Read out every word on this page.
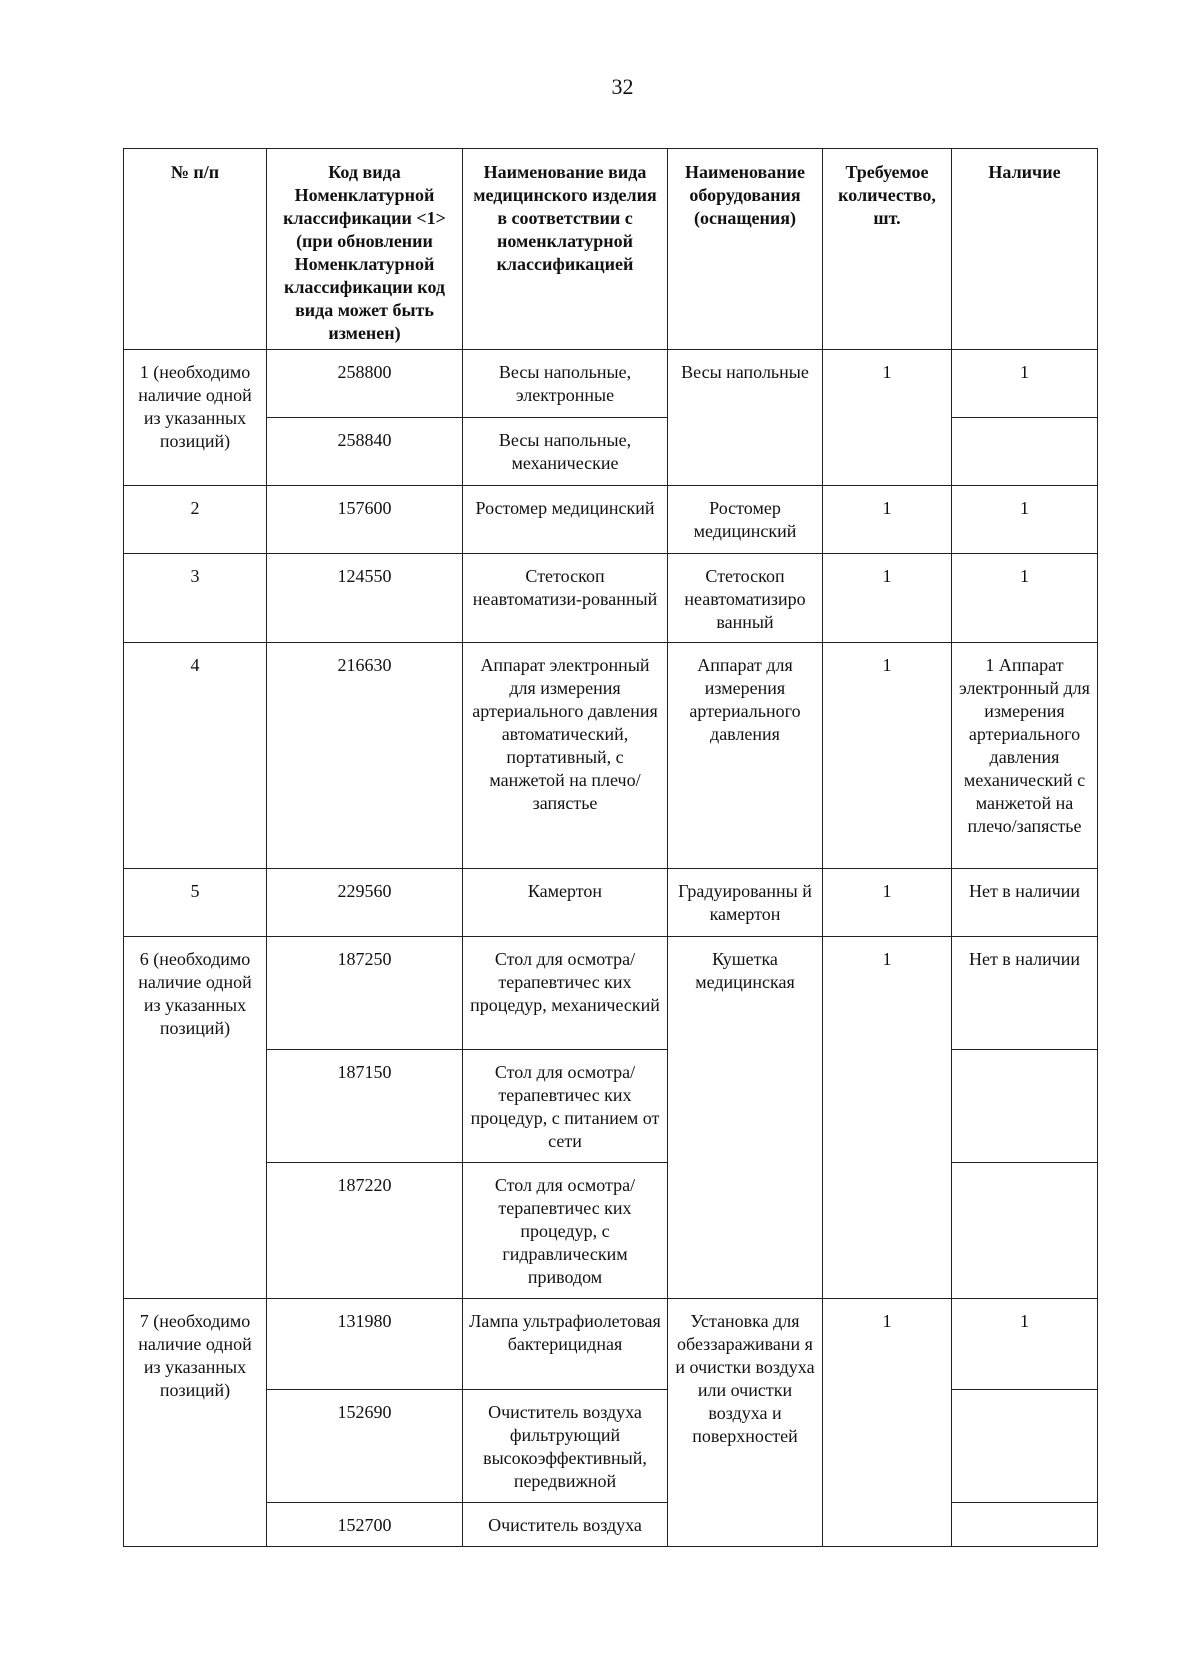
32
№ п/п	Код вида Номенклатурной классификации <1> (при обновлении Номенклатурной классификации код вида может быть изменен)	Наименование вида медицинского изделия в соответствии с номенклатурной классификацией	Наименование оборудования (оснащения)	Требуемое количество, шт.	Наличие
1 (необходимо наличие одной из указанных позиций)	258800	Весы напольные, электронные	Весы напольные	1	1
	258840	Весы напольные, механические			
2	157600	Ростомер медицинский	Ростомер медицинский	1	1
3	124550	Стетоскоп неавтоматизи-рованный	Стетоскоп неавтоматизиро ванный	1	1
4	216630	Аппарат электронный для измерения артериального давления автоматический, портативный, с манжетой на плечо/запястье	Аппарат для измерения артериального давления	1	1 Аппарат электронный для измерения артериального давления механический с манжетой на плечо/запястье
5	229560	Камертон	Градуированны й камертон	1	Нет в наличии
6 (необходимо наличие одной из указанных позиций)	187250	Стол для осмотра/терапевтичес ких процедур, механический	Кушетка медицинская	1	Нет в наличии
	187150	Стол для осмотра/терапевтичес ких процедур, с питанием от сети			
	187220	Стол для осмотра/терапевтичес ких процедур, с гидравлическим приводом			
7 (необходимо наличие одной из указанных позиций)	131980	Лампа ультрафиолетовая бактерицидная	Установка для обеззараживани я и очистки воздуха или очистки воздуха и поверхностей	1	1
	152690	Очиститель воздуха фильтрующий высокоэффективный, передвижной			
	152700	Очиститель воздуха			
